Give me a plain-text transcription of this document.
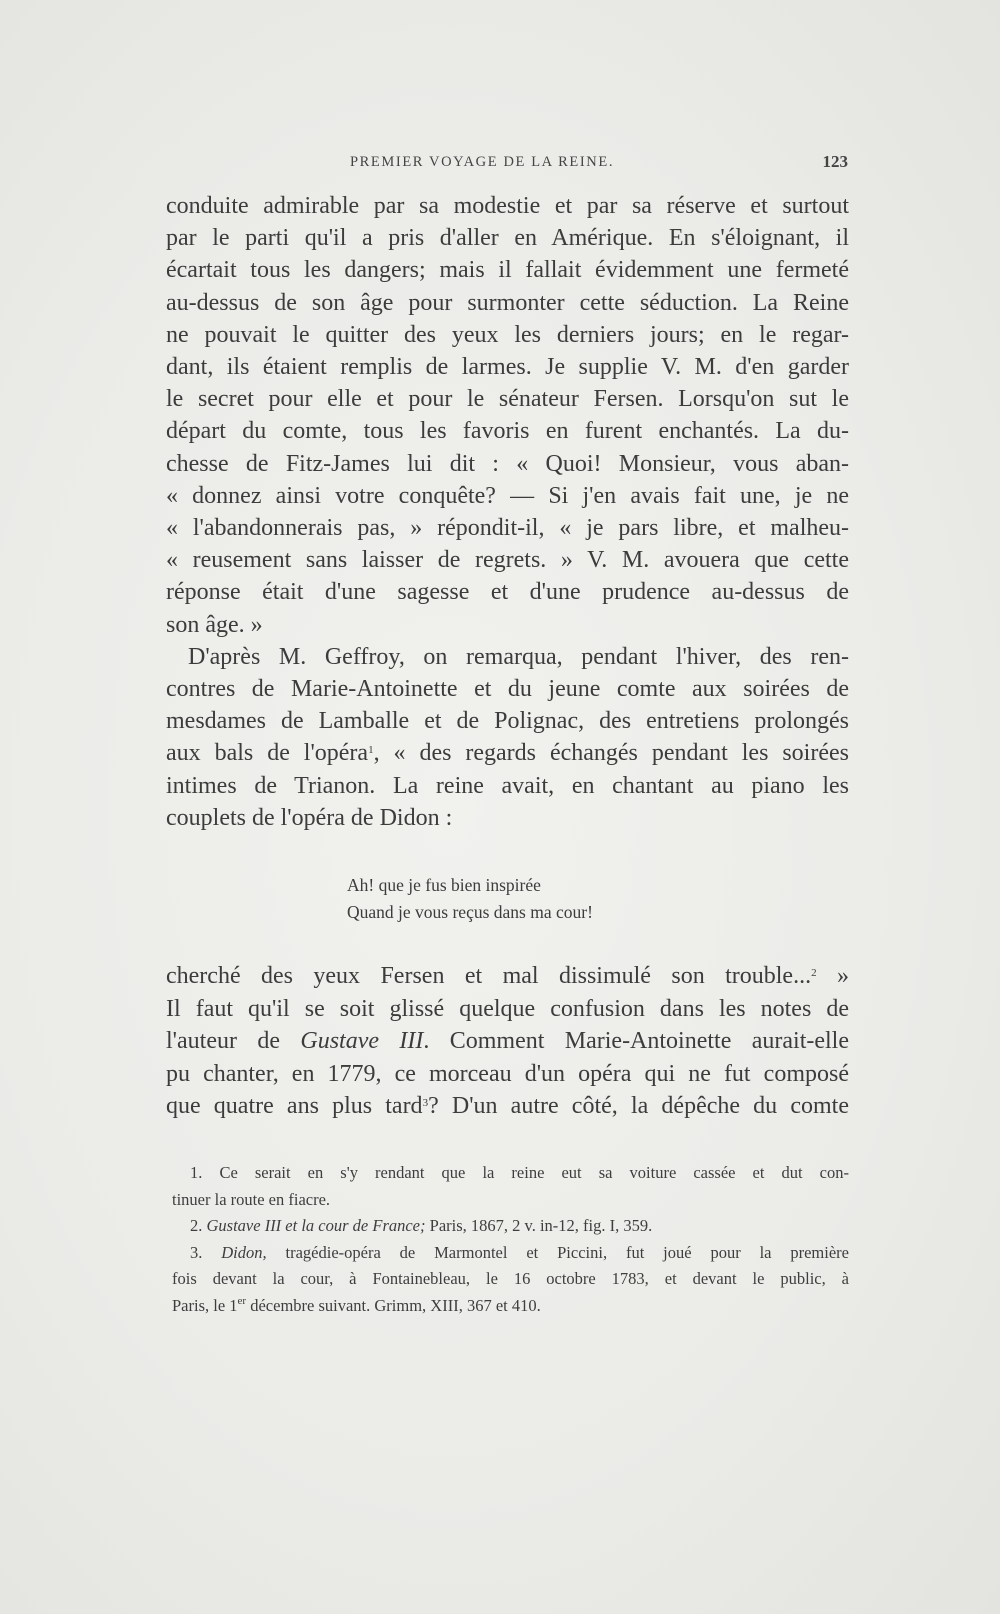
PREMIER VOYAGE DE LA REINE.	123
conduite admirable par sa modestie et par sa réserve et surtout
par le parti qu'il a pris d'aller en Amérique. En s'éloignant, il
écartait tous les dangers; mais il fallait évidemment une fermeté
au-dessus de son âge pour surmonter cette séduction. La Reine
ne pouvait le quitter des yeux les derniers jours; en le regar-
dant, ils étaient remplis de larmes. Je supplie V. M. d'en garder
le secret pour elle et pour le sénateur Fersen. Lorsqu'on sut le
départ du comte, tous les favoris en furent enchantés. La du-
chesse de Fitz-James lui dit : « Quoi! Monsieur, vous aban-
« donnez ainsi votre conquête? — Si j'en avais fait une, je ne
« l'abandonnerais pas, » répondit-il, « je pars libre, et malheu-
« reusement sans laisser de regrets. » V. M. avouera que cette
réponse était d'une sagesse et d'une prudence au-dessus de
son âge. »
D'après M. Geffroy, on remarqua, pendant l'hiver, des ren-
contres de Marie-Antoinette et du jeune comte aux soirées de
mesdames de Lamballe et de Polignac, des entretiens prolongés
aux bals de l'opéra$^1$, « des regards échangés pendant les soirées
intimes de Trianon. La reine avait, en chantant au piano les
couplets de l'opéra de Didon :
Ah! que je fus bien inspirée
Quand je vous reçus dans ma cour!
cherché des yeux Fersen et mal dissimulé son trouble...$^2$ »
Il faut qu'il se soit glissé quelque confusion dans les notes de
l'auteur de Gustave III. Comment Marie-Antoinette aurait-elle
pu chanter, en 1779, ce morceau d'un opéra qui ne fut composé
que quatre ans plus tard$^3$? D'un autre côté, la dépêche du comte
1. Ce serait en s'y rendant que la reine eut sa voiture cassée et dut con-
tinuer la route en fiacre.
2. Gustave III et la cour de France; Paris, 1867, 2 v. in-12, fig. I, 359.
3. Didon, tragédie-opéra de Marmontel et Piccini, fut joué pour la première
fois devant la cour, à Fontainebleau, le 16 octobre 1783, et devant le public, à
Paris, le 1er décembre suivant. Grimm, XIII, 367 et 410.
